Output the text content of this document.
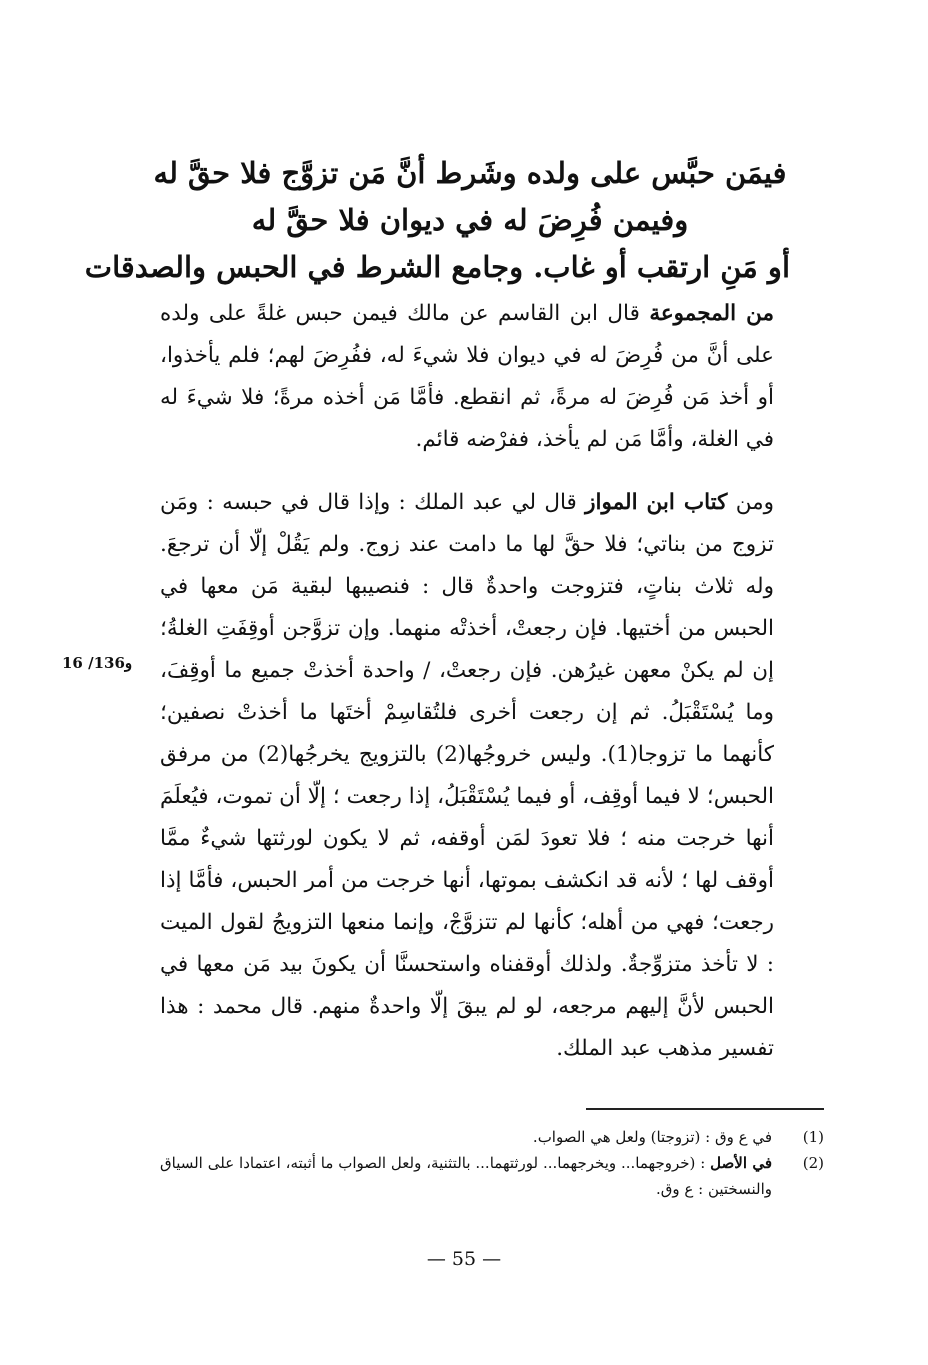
فيمَن حبَّس على ولده وشَرط أنَّ مَن تزوَّج فلا حقَّ له
وفيمن فُرِضَ له في ديوان فلا حقَّ له
أو مَنِ ارتقب أو غاب. وجامع الشرط في الحبس والصدقات
من المجموعة قال ابن القاسم عن مالك فيمن حبس غلةً على ولده على أنَّ من فُرِضَ له في ديوان فلا شيءَ له، ففُرِضَ لهم؛ فلم يأخذوا، أو أخذ مَن فُرِضَ له مرةً، ثم انقطع. فأمَّا مَن أخذه مرةً؛ فلا شيءَ له في الغلة، وأمَّا مَن لم يأخذ، ففرْضه قائم.
ومن كتاب ابن المواز قال لي عبد الملك : وإذا قال في حبسه : ومَن تزوج من بناتي؛ فلا حقَّ لها ما دامت عند زوج. ولم يَقُلْ إلّا أن ترجعَ. وله ثلاث بناتٍ، فتزوجت واحدةٌ قال : فنصيبها لبقية مَن معها في الحبس من أختيها. فإن رجعتْ، أخذتْه منهما. وإن تزوَّجن أوقِفَتِ الغلةُ؛ إن لم يكنْ معهن غيرُهن. فإن رجعتْ، / واحدة أخذتْ جميع ما أوقِفَ، وما يُسْتَقْبَلُ. ثم إن رجعت أخرى فلتُقاسِمْ أختَها ما أخذتْ نصفين؛ كأنهما ما تزوجا(1). وليس خروجُها(2) بالتزويج يخرجُها(2) من مرفق الحبس؛ لا فيما أوقِف، أو فيما يُسْتَقْبَلُ، إذا رجعت ؛ إلّا أن تموت، فيُعلَمَ أنها خرجت منه ؛ فلا تعودَ لمَن أوقفه، ثم لا يكون لورثتها شيءٌ ممَّا أوقف لها ؛ لأنه قد انكشف بموتها، أنها خرجت من أمر الحبس، فأمَّا إذا رجعت؛ فهي من أهله؛ كأنها لم تتزوَّجْ، وإنما منعها التزويجُ لقول الميت : لا تأخذ متزوِّجةٌ. ولذلك أوقفناه واستحسنَّا أن يكونَ بيد مَن معها في الحبس لأنَّ إليهم مرجعه، لو لم يبقَ إلّا واحدةٌ منهم. قال محمد : هذا تفسير مذهب عبد الملك.
16 /136و
(1)
في ع وق : (تزوجتا) ولعل هي الصواب.
(2)
في الأصل : (خروجهما... ويخرجهما... لورثتهما... بالتثنية، ولعل الصواب ما أثبته، اعتمادا على السياق والنسختين : ع وق.
— 55 —
